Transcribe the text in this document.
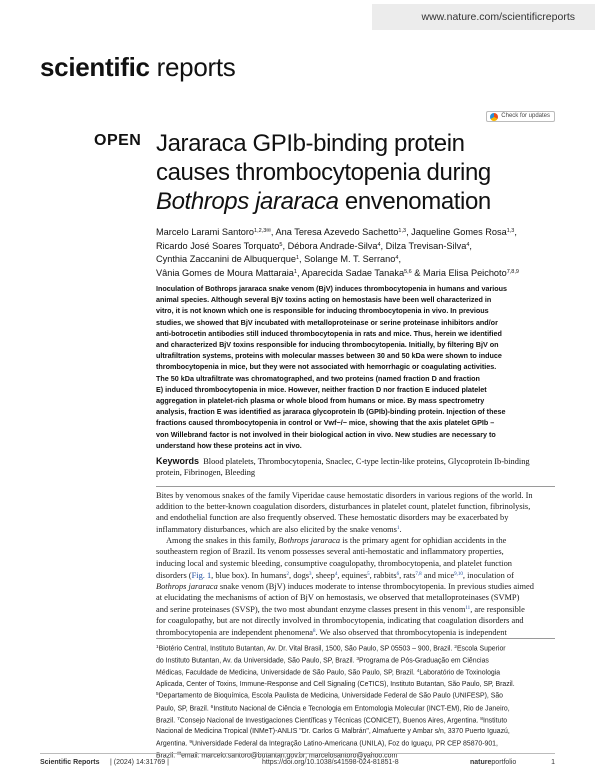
www.nature.com/scientificreports
scientific reports
Check for updates
OPEN Jararaca GPIb-binding protein
causes thrombocytopenia during
Bothrops jararaca envenomation
Marcelo Larami Santoro$^{1,2,3✉}$, Ana Teresa Azevedo Sachetto$^{1,3}$, Jaqueline Gomes Rosa$^{1,3}$,
Ricardo José Soares Torquato$^5$, Débora Andrade-Silva$^4$, Dilza Trevisan-Silva$^4$,
Cynthia Zaccanini de Albuquerque$^1$, Solange M. T. Serrano$^4$,
Vânia Gomes de Moura Mattaraia$^1$, Aparecida Sadae Tanaka$^{5,6}$ & Maria Elisa Peichoto$^{7,8,9}$
Inoculation of Bothrops jararaca snake venom (BjV) induces thrombocytopenia in humans and various
animal species. Although several BjV toxins acting on hemostasis have been well characterized in
vitro, it is not known which one is responsible for inducing thrombocytopenia in vivo. In previous
studies, we showed that BjV incubated with metalloproteinase or serine proteinase inhibitors and/or
anti-botrocetin antibodies still induced thrombocytopenia in rats and mice. Thus, herein we identified
and characterized BjV toxins responsible for inducing thrombocytopenia. Initially, by filtering BjV on
ultrafiltration systems, proteins with molecular masses between 30 and 50 kDa were shown to induce
thrombocytopenia in mice, but they were not associated with hemorrhagic or coagulating activities.
The 50 kDa ultrafiltrate was chromatographed, and two proteins (named fraction D and fraction
E) induced thrombocytopenia in mice. However, neither fraction D nor fraction E induced platelet
aggregation in platelet-rich plasma or whole blood from humans or mice. By mass spectrometry
analysis, fraction E was identified as jararaca glycoprotein Ib (GPIb)-binding protein. Injection of these
fractions caused thrombocytopenia in control or Vwf−/− mice, showing that the axis platelet GPIb –
von Willebrand factor is not involved in their biological action in vivo. New studies are necessary to
understand how these proteins act in vivo.
Keywords  Blood platelets, Thrombocytopenia, Snaclec, C-type lectin-like proteins, Glycoprotein Ib-binding
protein, Fibrinogen, Bleeding
Bites by venomous snakes of the family Viperidae cause hemostatic disorders in various regions of the world. In
addition to the better-known coagulation disorders, disturbances in platelet count, platelet function, fibrinolysis,
and endothelial function are also frequently observed. These hemostatic disorders may be exacerbated by
inflammatory disturbances, which are also elicited by the snake venoms$^1$.
Among the snakes in this family, Bothrops jararaca is the primary agent for ophidian accidents in the
southeastern region of Brazil. Its venom possesses several anti-hemostatic and inflammatory properties,
inducing local and systemic bleeding, consumptive coagulopathy, thrombocytopenia, and platelet function
disorders (Fig. 1, blue box). In humans$^2$, dogs$^3$, sheep$^4$, equines$^5$, rabbits$^6$, rats$^{7,8}$ and mice$^{9,10}$, inoculation of
Bothrops jararaca snake venom (BjV) induces moderate to intense thrombocytopenia. In previous studies aimed
at elucidating the mechanisms of action of BjV on hemostasis, we observed that metalloproteinases (SVMP)
and serine proteinases (SVSP), the two most abundant enzyme classes present in this venom$^{11}$, are responsible
for coagulopathy, but are not directly involved in thrombocytopenia, indicating that coagulation disorders and
thrombocytopenia are independent phenomena$^8$. We also observed that thrombocytopenia is independent
$^1$Biotério Central, Instituto Butantan, Av. Dr. Vital Brasil, 1500, São Paulo, SP 05503 – 900, Brazil. $^2$Escola Superior
do Instituto Butantan, Av. da Universidade, São Paulo, SP, Brazil. $^3$Programa de Pós-Graduação em Ciências
Médicas, Faculdade de Medicina, Universidade de São Paulo, São Paulo, SP, Brazil. $^4$Laboratório de Toxinologia
Aplicada, Center of Toxins, Immune-Response and Cell Signaling (CeTICS), Instituto Butantan, São Paulo, SP, Brazil.
$^5$Departamento de Bioquímica, Escola Paulista de Medicina, Universidade Federal de São Paulo (UNIFESP), São
Paulo, SP, Brazil. $^6$Instituto Nacional de Ciência e Tecnologia em Entomologia Molecular (INCT-EM), Rio de Janeiro,
Brazil. $^7$Consejo Nacional de Investigaciones Científicas y Técnicas (CONICET), Buenos Aires, Argentina. $^8$Instituto
Nacional de Medicina Tropical (INMeT)-ANLIS "Dr. Carlos G Malbrán", Almafuerte y Ambar s/n, 3370 Puerto Iguazú,
Argentina. $^9$Universidade Federal da Integração Latino-Americana (UNILA), Foz do Iguaçu, PR CEP 85870-901,
Brazil. ✉email: marcelo.santoro@butantan.gov.br; marcelosantoro@yahoo.com
Scientific Reports | (2024) 14:31769 |	https://doi.org/10.1038/s41598-024-81851-8	natureportfolio	1
